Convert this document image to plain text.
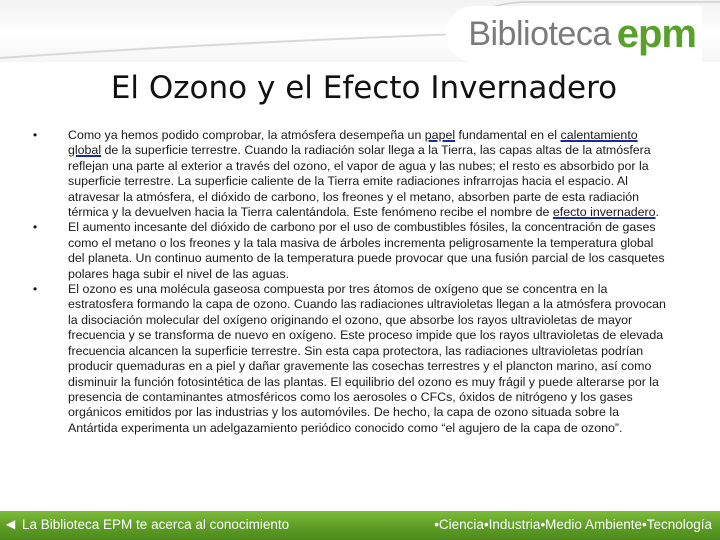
Biblioteca epm
El Ozono y el Efecto Invernadero
• Como ya hemos podido comprobar, la atmósfera desempeña un papel fundamental en el calentamiento global de la superficie terrestre. Cuando la radiación solar llega a la Tierra, las capas altas de la atmósfera reflejan una parte al exterior a través del ozono, el vapor de agua y las nubes; el resto es absorbido por la superficie terrestre. La superficie caliente de la Tierra emite radiaciones infrarrojas hacia el espacio. Al atravesar la atmósfera, el dióxido de carbono, los freones y el metano, absorben parte de esta radiación térmica y la devuelven hacia la Tierra calentándola. Este fenómeno recibe el nombre de efecto invernadero.
• El aumento incesante del dióxido de carbono por el uso de combustibles fósiles, la concentración de gases como el metano o los freones y la tala masiva de árboles incrementa peligrosamente la temperatura global del planeta. Un continuo aumento de la temperatura puede provocar que una fusión parcial de los casquetes polares haga subir el nivel de las aguas.
• El ozono es una molécula gaseosa compuesta por tres átomos de oxígeno que se concentra en la estratosfera formando la capa de ozono. Cuando las radiaciones ultravioletas llegan a la atmósfera provocan la disociación molecular del oxígeno originando el ozono, que absorbe los rayos ultravioletas de mayor frecuencia y se transforma de nuevo en oxígeno. Este proceso impide que los rayos ultravioletas de elevada frecuencia alcancen la superficie terrestre. Sin esta capa protectora, las radiaciones ultravioletas podrían producir quemaduras en a piel y dañar gravemente las cosechas terrestres y el plancton marino, así como disminuir la función fotosintética de las plantas. El equilibrio del ozono es muy frágil y puede alterarse por la presencia de contaminantes atmosféricos como los aerosoles o CFCs, óxidos de nitrógeno y los gases orgánicos emitidos por las industrias y los automóviles. De hecho, la capa de ozono situada sobre la Antártida experimenta un adelgazamiento periódico conocido como “el agujero de la capa de ozono”.
◀ La Biblioteca EPM te acerca al conocimiento	•Ciencia•Industria•Medio Ambiente•Tecnología
